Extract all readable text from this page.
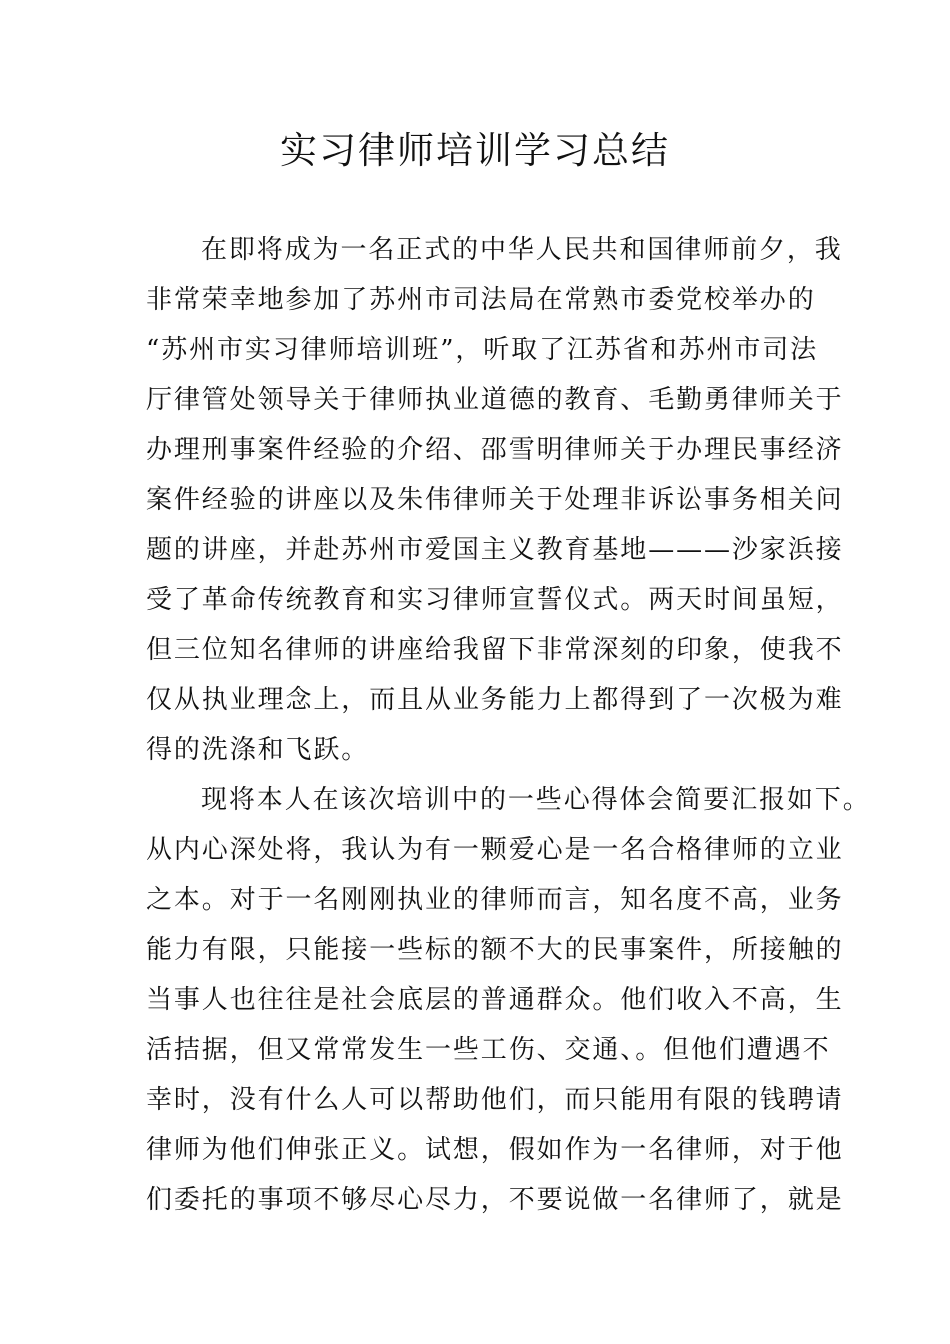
实习律师培训学习总结
在即将成为一名正式的中华人民共和国律师前夕，我
非常荣幸地参加了苏州市司法局在常熟市委党校举办的
“苏州市实习律师培训班”，听取了江苏省和苏州市司法
厅律管处领导关于律师执业道德的教育、毛勤勇律师关于
办理刑事案件经验的介绍、邵雪明律师关于办理民事经济
案件经验的讲座以及朱伟律师关于处理非诉讼事务相关问
题的讲座，并赴苏州市爱国主义教育基地———沙家浜接
受了革命传统教育和实习律师宣誓仪式。两天时间虽短，
但三位知名律师的讲座给我留下非常深刻的印象，使我不
仅从执业理念上，而且从业务能力上都得到了一次极为难
得的洗涤和飞跃。
现将本人在该次培训中的一些心得体会简要汇报如下。
从内心深处将，我认为有一颗爱心是一名合格律师的立业
之本。对于一名刚刚执业的律师而言，知名度不高，业务
能力有限，只能接一些标的额不大的民事案件，所接触的
当事人也往往是社会底层的普通群众。他们收入不高，生
活拮据，但又常常发生一些工伤、交通、。但他们遭遇不
幸时，没有什么人可以帮助他们，而只能用有限的钱聘请
律师为他们伸张正义。试想，假如作为一名律师，对于他
们委托的事项不够尽心尽力，不要说做一名律师了，就是
